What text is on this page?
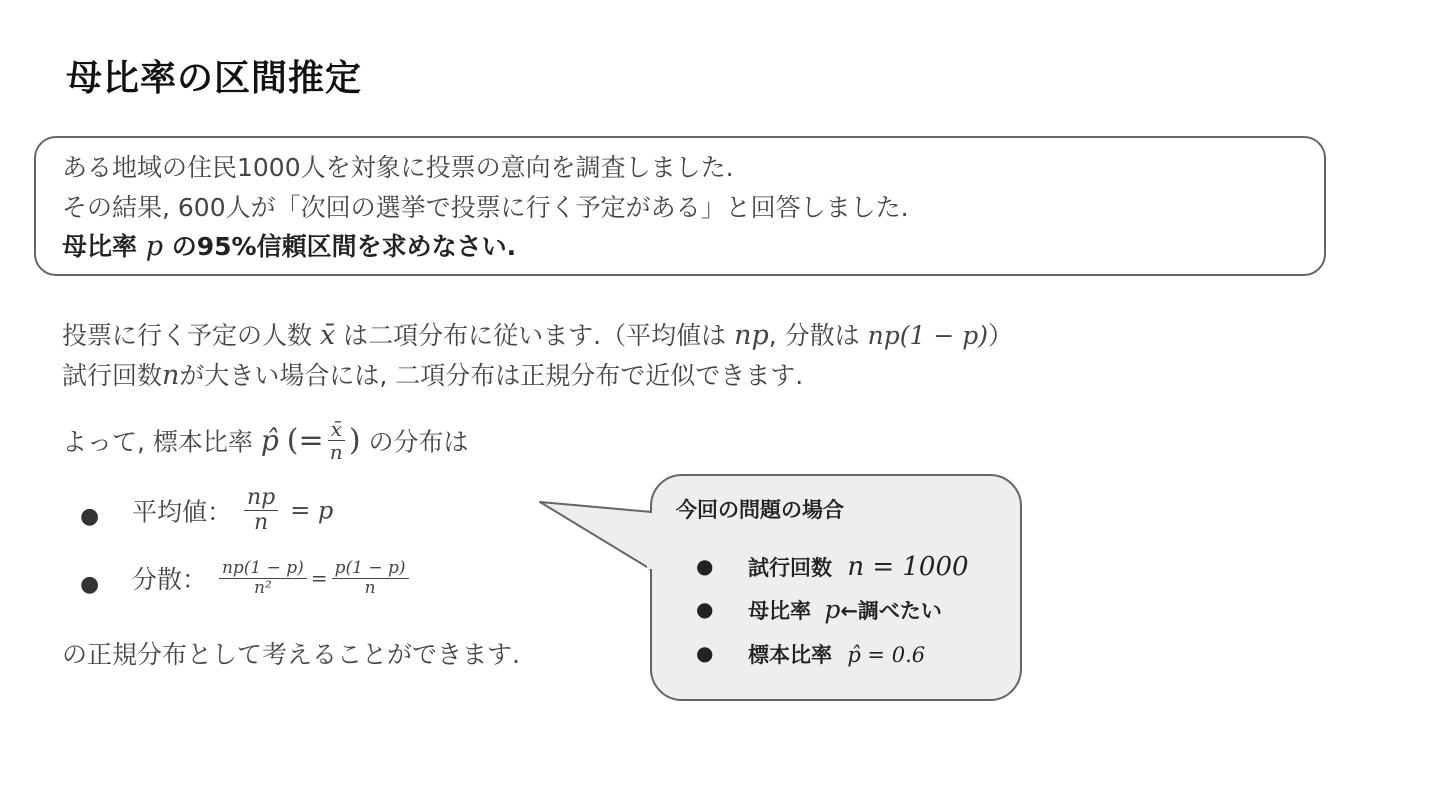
母比率の区間推定
ある地域の住民1000人を対象に投票の意向を調査しました.
その結果, 600人が「次回の選挙で投票に行く予定がある」と回答しました.
母比率 p の95%信頼区間を求めなさい.
投票に行く予定の人数 x̄ は二項分布に従います.（平均値は np, 分散は np(1 − p)）
試行回数nが大きい場合には, 二項分布は正規分布で近似できます.
よって, 標本比率 p̂ (= $\frac{x̄}{n}$ ) の分布は
● 平均値： $\frac{np}{n} = p$
● 分散： $\frac{np(1 - p)}{\text{n²}} = \frac{p(1 - p)}{n}$
の正規分布として考えることができます.
今回の問題の場合
● 試行回数 n = 1000
● 母比率 p←調べたい
● 標本比率 p̂ = 0.6
